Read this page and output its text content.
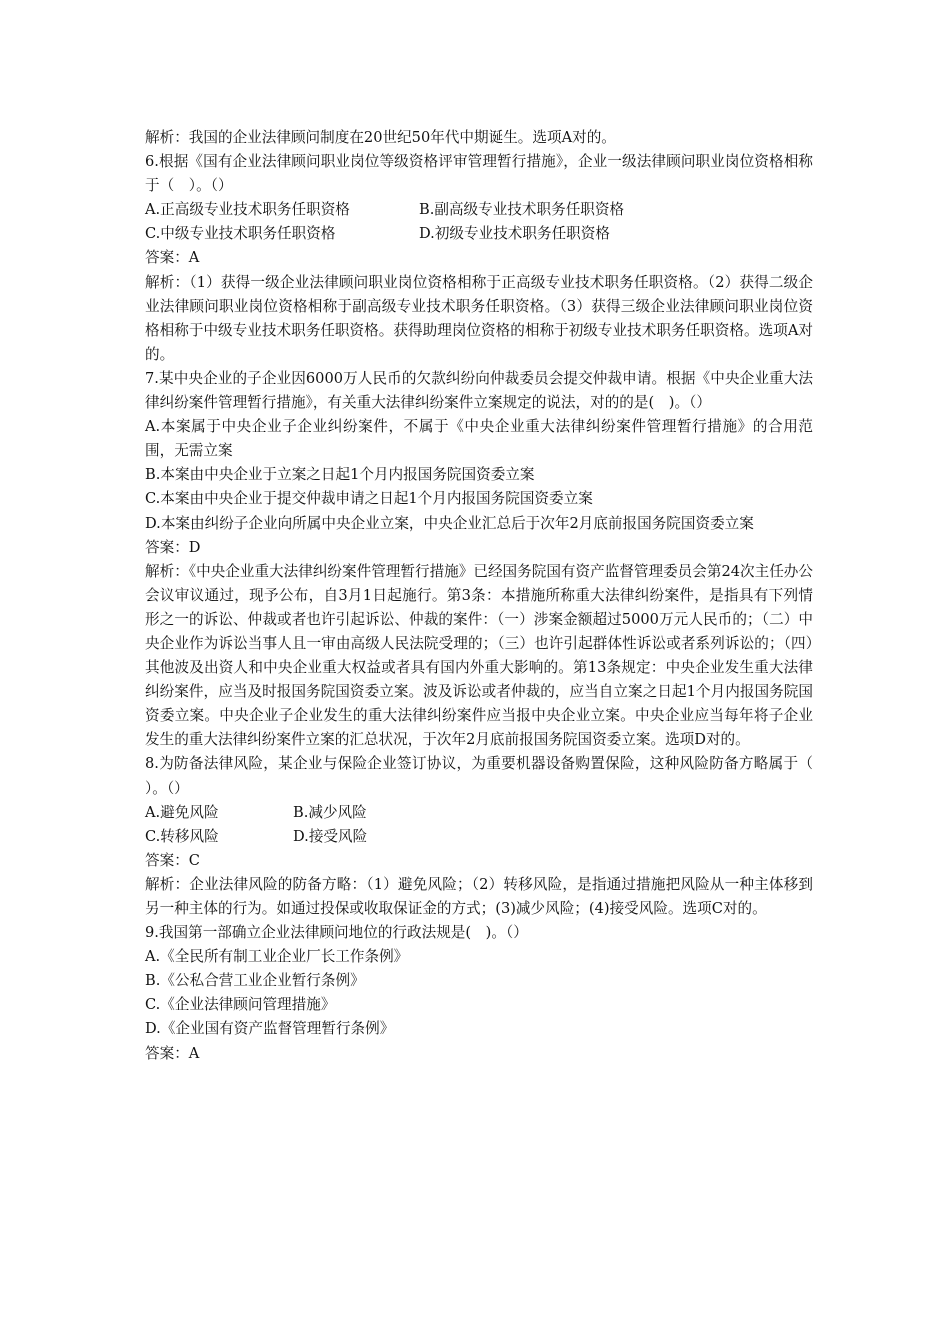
解析：我国的企业法律顾问制度在20世纪50年代中期诞生。选项A对的。

6.根据《国有企业法律顾问职业岗位等级资格评审管理暂行措施》，企业一级法律顾问职业岗位资格相称于（　）。（）

A.正高级专业技术职务任职资格	B.副高级专业技术职务任职资格
C.中级专业技术职务任职资格	D.初级专业技术职务任职资格

答案：A

解析：（1）获得一级企业法律顾问职业岗位资格相称于正高级专业技术职务任职资格。（2）获得二级企业法律顾问职业岗位资格相称于副高级专业技术职务任职资格。（3）获得三级企业法律顾问职业岗位资格相称于中级专业技术职务任职资格。获得助理岗位资格的相称于初级专业技术职务任职资格。选项A对的。

7.某中央企业的子企业因6000万人民币的欠款纠纷向仲裁委员会提交仲裁申请。根据《中央企业重大法律纠纷案件管理暂行措施》，有关重大法律纠纷案件立案规定的说法，对的的是(　)。（）

A.本案属于中央企业子企业纠纷案件，不属于《中央企业重大法律纠纷案件管理暂行措施》的合用范围，无需立案

B.本案由中央企业于立案之日起1个月内报国务院国资委立案

C.本案由中央企业于提交仲裁申请之日起1个月内报国务院国资委立案

D.本案由纠纷子企业向所属中央企业立案，中央企业汇总后于次年2月底前报国务院国资委立案

答案：D

解析：《中央企业重大法律纠纷案件管理暂行措施》已经国务院国有资产监督管理委员会第24次主任办公会议审议通过，现予公布，自3月1日起施行。第3条：本措施所称重大法律纠纷案件，是指具有下列情形之一的诉讼、仲裁或者也许引起诉讼、仲裁的案件：（一）涉案金额超过5000万元人民币的；（二）中央企业作为诉讼当事人且一审由高级人民法院受理的；（三）也许引起群体性诉讼或者系列诉讼的；（四）其他波及出资人和中央企业重大权益或者具有国内外重大影响的。第13条规定：中央企业发生重大法律纠纷案件，应当及时报国务院国资委立案。波及诉讼或者仲裁的，应当自立案之日起1个月内报国务院国资委立案。中央企业子企业发生的重大法律纠纷案件应当报中央企业立案。中央企业应当每年将子企业发生的重大法律纠纷案件立案的汇总状况，于次年2月底前报国务院国资委立案。选项D对的。

8.为防备法律风险，某企业与保险企业签订协议，为重要机器设备购置保险，这种风险防备方略属于（ ）。（）

A.避免风险	B.减少风险
C.转移风险	D.接受风险

答案：C

解析：企业法律风险的防备方略：（1）避免风险；（2）转移风险，是指通过措施把风险从一种主体移到另一种主体的行为。如通过投保或收取保证金的方式；(3)减少风险；(4)接受风险。选项C对的。

9.我国第一部确立企业法律顾问地位的行政法规是(　)。（）

A.《全民所有制工业企业厂长工作条例》

B.《公私合营工业企业暂行条例》

C.《企业法律顾问管理措施》

D.《企业国有资产监督管理暂行条例》

答案：A
